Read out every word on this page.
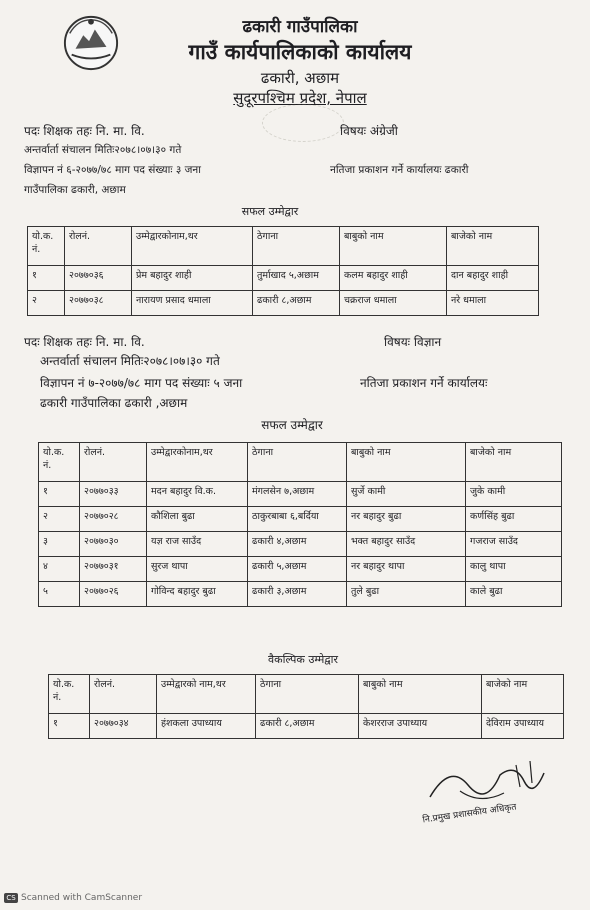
ढकारी गाउँपालिका
गाउँ कार्यपालिकाको कार्यालय
ढकारी, अछाम
सुदूरपश्चिम प्रदेश, नेपाल
पदः शिक्षक तहः नि. मा. वि.	विषयः अंग्रेजी
अन्तर्वार्ता संचालन मितिः२०७८।०७।३० गते
विज्ञापन नं ६-२०७७/७८ माग पद संख्याः ३ जना	नतिजा प्रकाशन गर्ने कार्यालयः ढकारी
गाउँपालिका ढकारी, अछाम
सफल उम्मेद्वार
यो.क. नं.	रोलनं.	उम्मेद्वारकोनाम,थर	ठेगाना	बाबुको नाम	बाजेको नाम
१	२०७७०३६	प्रेम बहादुर शाही	तुर्माखाद ५,अछाम	कलम बहादुर शाही	दान बहादुर शाही
२	२०७७०३८	नारायण प्रसाद धमाला	ढकारी ८,अछाम	चक्रराज धमाला	नरे धमाला
पदः शिक्षक तहः नि. मा. वि.	विषयः विज्ञान
अन्तर्वार्ता संचालन मितिः२०७८।०७।३० गते
विज्ञापन नं ७-२०७७/७८ माग पद संख्याः ५ जना	नतिजा प्रकाशन गर्ने कार्यालयः
ढकारी गाउँपालिका ढकारी ,अछाम
सफल उम्मेद्वार
यो.क. नं.	रोलनं.	उम्मेद्वारकोनाम,थर	ठेगाना	बाबुको नाम	बाजेको नाम
१	२०७७०३३	मदन बहादुर वि.क.	मंगलसेन ७,अछाम	सुर्जे कामी	जुके कामी
२	२०७७०२८	कौशिला बुढा	ठाकुरबाबा ६,बर्दिया	नर बहादुर बुढा	कर्णसिंह बुढा
३	२०७७०३०	यज्ञ राज साउँद	ढकारी ४,अछाम	भक्त बहादुर साउँद	गजराज साउँद
४	२०७७०३१	सुरज थापा	ढकारी ५,अछाम	नर बहादुर थापा	कालु थापा
५	२०७७०२६	गोविन्द बहादुर बुढा	ढकारी ३,अछाम	तुले बुढा	काले बुढा
वैकल्पिक उम्मेद्वार
यो.क. नं.	रोलनं.	उम्मेद्वारको नाम,थर	ठेगाना	बाबुको नाम	बाजेको नाम
१	२०७७०३४	हंशकला उपाध्याय	ढकारी ८,अछाम	केशरराज उपाध्याय	देविराम उपाध्याय
नि.प्रमुख प्रशासकीय अधिकृत
CS Scanned with CamScanner
